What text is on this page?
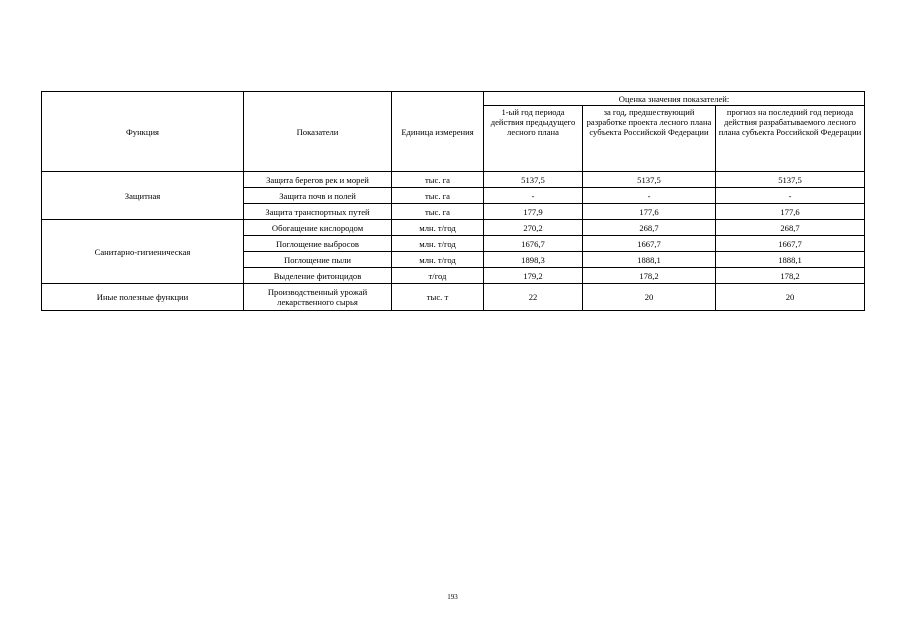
Функция	Показатели	Единица измерения	Оценка значения показателей:		
			1-ый год периода действия предыдущего лесного плана	за год, предшествующий разработке проекта лесного плана субъекта Российской Федерации	прогноз на последний год периода действия разрабатываемого лесного плана субъекта Российской Федерации
Защитная	Защита берегов рек и морей	тыс. га	5137,5	5137,5	5137,5
	Защита почв и полей	тыс. га	-	-	-
	Защита транспортных путей	тыс. га	177,9	177,6	177,6
Санитарно-гигиеническая	Обогащение кислородом	млн. т/год	270,2	268,7	268,7
	Поглощение выбросов	млн. т/год	1676,7	1667,7	1667,7
	Поглощение пыли	млн. т/год	1898,3	1888,1	1888,1
	Выделение фитонцидов	т/год	179,2	178,2	178,2
Иные полезные функции	Производственный урожай лекарственного сырья	тыс. т	22	20	20
193
